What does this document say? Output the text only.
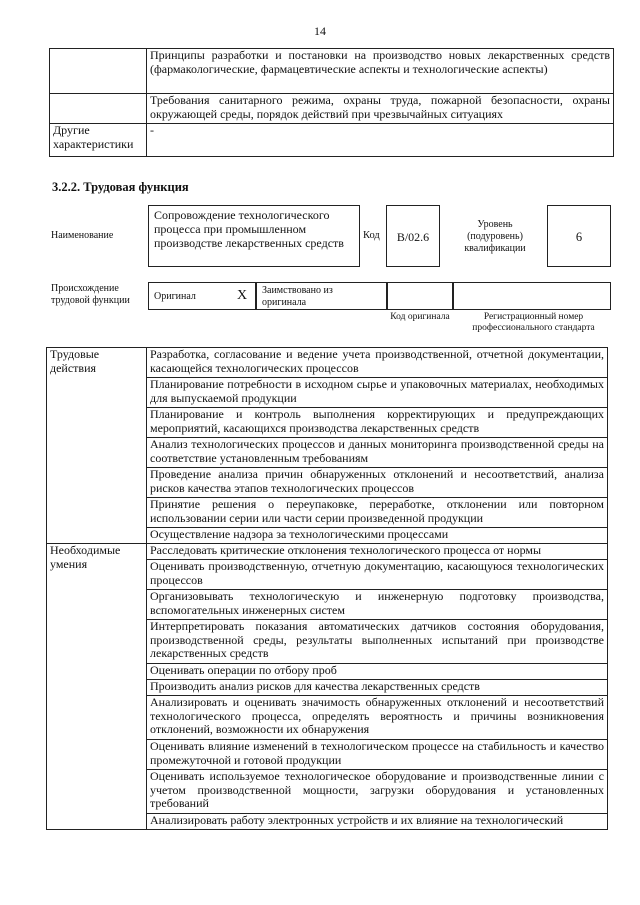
14
	Принципы разработки и постановки на производство новых лекарственных средств (фармакологические, фармацевтические аспекты и технологические аспекты)
	Требования санитарного режима, охраны труда, пожарной безопасности, охраны окружающей среды, порядок действий при чрезвычайных ситуациях
Другие характеристики	-
3.2.2. Трудовая функция
Наименование
Сопровождение технологического процесса при промышленном производстве лекарственных средств
Код	B/02.6
Уровень (подуровень) квалификации
6
Происхождение трудовой функции	Оригинал	X Заимствовано из оригинала
Код оригинала	Регистрационный номер профессионального стандарта
Трудовые действия	Разработка, согласование и ведение учета производственной, отчетной документации, касающейся технологических процессов
	Планирование потребности в исходном сырье и упаковочных материалах, необходимых для выпускаемой продукции
	Планирование и контроль выполнения корректирующих и предупреждающих мероприятий, касающихся производства лекарственных средств
	Анализ технологических процессов и данных мониторинга производственной среды на соответствие установленным требованиям
	Проведение анализа причин обнаруженных отклонений и несоответствий, анализа рисков качества этапов технологических процессов
	Принятие решения о переупаковке, переработке, отклонении или повторном использовании серии или части серии произведенной продукции
	Осуществление надзора за технологическими процессами
Необходимые умения	Расследовать критические отклонения технологического процесса от нормы
	Оценивать производственную, отчетную документацию, касающуюся технологических процессов
	Организовывать технологическую и инженерную подготовку производства, вспомогательных инженерных систем
	Интерпретировать показания автоматических датчиков состояния оборудования, производственной среды, результаты выполненных испытаний при производстве лекарственных средств
	Оценивать операции по отбору проб
	Производить анализ рисков для качества лекарственных средств
	Анализировать и оценивать значимость обнаруженных отклонений и несоответствий технологического процесса, определять вероятность и причины возникновения отклонений, возможности их обнаружения
	Оценивать влияние изменений в технологическом процессе на стабильность и качество промежуточной и готовой продукции
	Оценивать используемое технологическое оборудование и производственные линии с учетом производственной мощности, загрузки оборудования и установленных требований
	Анализировать работу электронных устройств и их влияние на технологический
